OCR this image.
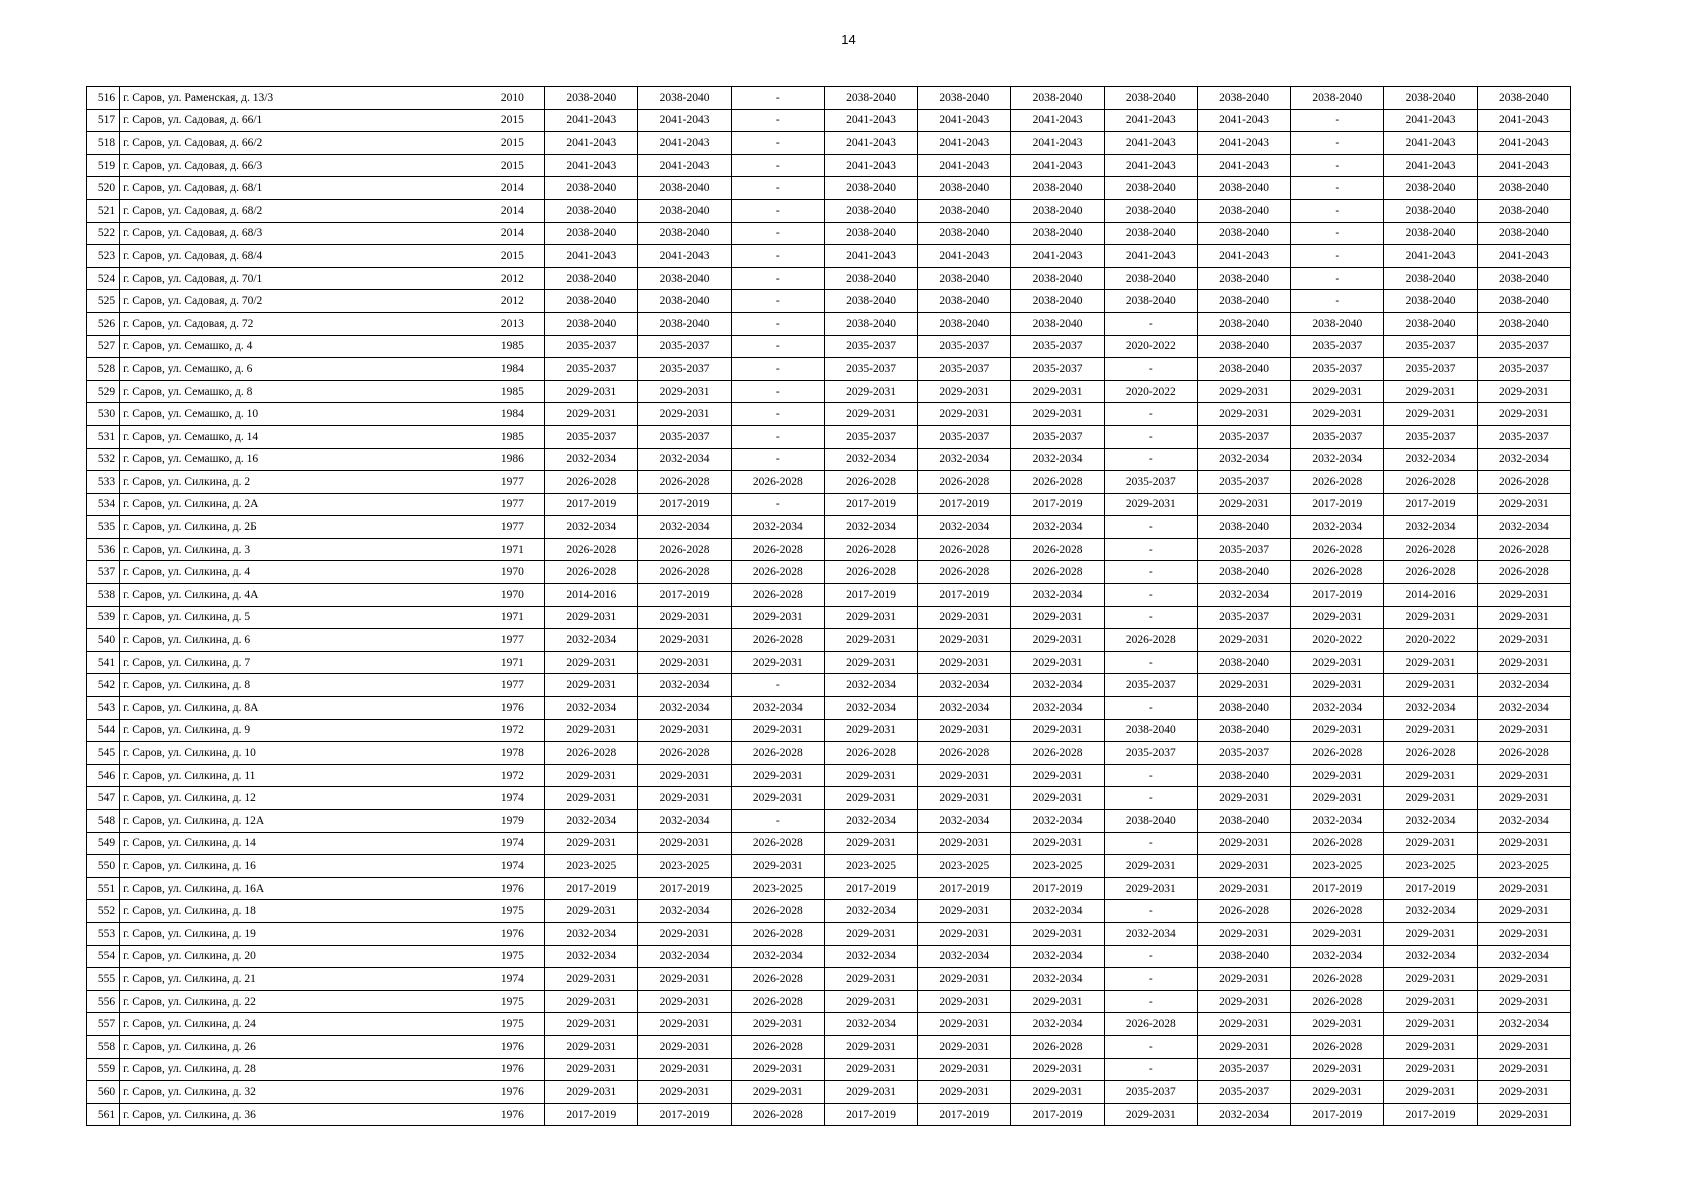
14
516	г. Саров, ул. Раменская, д. 13/3	2010	2038-2040	2038-2040	-	2038-2040	2038-2040	2038-2040	2038-2040	2038-2040	2038-2040	2038-2040	2038-2040
517	г. Саров, ул. Садовая, д. 66/1	2015	2041-2043	2041-2043	-	2041-2043	2041-2043	2041-2043	2041-2043	2041-2043	-	2041-2043	2041-2043
518	г. Саров, ул. Садовая, д. 66/2	2015	2041-2043	2041-2043	-	2041-2043	2041-2043	2041-2043	2041-2043	2041-2043	-	2041-2043	2041-2043
519	г. Саров, ул. Садовая, д. 66/3	2015	2041-2043	2041-2043	-	2041-2043	2041-2043	2041-2043	2041-2043	2041-2043	-	2041-2043	2041-2043
520	г. Саров, ул. Садовая, д. 68/1	2014	2038-2040	2038-2040	-	2038-2040	2038-2040	2038-2040	2038-2040	2038-2040	-	2038-2040	2038-2040
521	г. Саров, ул. Садовая, д. 68/2	2014	2038-2040	2038-2040	-	2038-2040	2038-2040	2038-2040	2038-2040	2038-2040	-	2038-2040	2038-2040
522	г. Саров, ул. Садовая, д. 68/3	2014	2038-2040	2038-2040	-	2038-2040	2038-2040	2038-2040	2038-2040	2038-2040	-	2038-2040	2038-2040
523	г. Саров, ул. Садовая, д. 68/4	2015	2041-2043	2041-2043	-	2041-2043	2041-2043	2041-2043	2041-2043	2041-2043	-	2041-2043	2041-2043
524	г. Саров, ул. Садовая, д. 70/1	2012	2038-2040	2038-2040	-	2038-2040	2038-2040	2038-2040	2038-2040	2038-2040	-	2038-2040	2038-2040
525	г. Саров, ул. Садовая, д. 70/2	2012	2038-2040	2038-2040	-	2038-2040	2038-2040	2038-2040	2038-2040	2038-2040	-	2038-2040	2038-2040
526	г. Саров, ул. Садовая, д. 72	2013	2038-2040	2038-2040	-	2038-2040	2038-2040	2038-2040	-	2038-2040	2038-2040	2038-2040	2038-2040
527	г. Саров, ул. Семашко, д. 4	1985	2035-2037	2035-2037	-	2035-2037	2035-2037	2035-2037	2020-2022	2038-2040	2035-2037	2035-2037	2035-2037
528	г. Саров, ул. Семашко, д. 6	1984	2035-2037	2035-2037	-	2035-2037	2035-2037	2035-2037	-	2038-2040	2035-2037	2035-2037	2035-2037
529	г. Саров, ул. Семашко, д. 8	1985	2029-2031	2029-2031	-	2029-2031	2029-2031	2029-2031	2020-2022	2029-2031	2029-2031	2029-2031	2029-2031
530	г. Саров, ул. Семашко, д. 10	1984	2029-2031	2029-2031	-	2029-2031	2029-2031	2029-2031	-	2029-2031	2029-2031	2029-2031	2029-2031
531	г. Саров, ул. Семашко, д. 14	1985	2035-2037	2035-2037	-	2035-2037	2035-2037	2035-2037	-	2035-2037	2035-2037	2035-2037	2035-2037
532	г. Саров, ул. Семашко, д. 16	1986	2032-2034	2032-2034	-	2032-2034	2032-2034	2032-2034	-	2032-2034	2032-2034	2032-2034	2032-2034
533	г. Саров, ул. Силкина, д. 2	1977	2026-2028	2026-2028	2026-2028	2026-2028	2026-2028	2026-2028	2035-2037	2035-2037	2026-2028	2026-2028	2026-2028
534	г. Саров, ул. Силкина, д. 2А	1977	2017-2019	2017-2019	-	2017-2019	2017-2019	2017-2019	2029-2031	2029-2031	2017-2019	2017-2019	2029-2031
535	г. Саров, ул. Силкина, д. 2Б	1977	2032-2034	2032-2034	2032-2034	2032-2034	2032-2034	2032-2034	-	2038-2040	2032-2034	2032-2034	2032-2034
536	г. Саров, ул. Силкина, д. 3	1971	2026-2028	2026-2028	2026-2028	2026-2028	2026-2028	2026-2028	-	2035-2037	2026-2028	2026-2028	2026-2028
537	г. Саров, ул. Силкина, д. 4	1970	2026-2028	2026-2028	2026-2028	2026-2028	2026-2028	2026-2028	-	2038-2040	2026-2028	2026-2028	2026-2028
538	г. Саров, ул. Силкина, д. 4А	1970	2014-2016	2017-2019	2026-2028	2017-2019	2017-2019	2032-2034	-	2032-2034	2017-2019	2014-2016	2029-2031
539	г. Саров, ул. Силкина, д. 5	1971	2029-2031	2029-2031	2029-2031	2029-2031	2029-2031	2029-2031	-	2035-2037	2029-2031	2029-2031	2029-2031
540	г. Саров, ул. Силкина, д. 6	1977	2032-2034	2029-2031	2026-2028	2029-2031	2029-2031	2029-2031	2026-2028	2029-2031	2020-2022	2020-2022	2029-2031
541	г. Саров, ул. Силкина, д. 7	1971	2029-2031	2029-2031	2029-2031	2029-2031	2029-2031	2029-2031	-	2038-2040	2029-2031	2029-2031	2029-2031
542	г. Саров, ул. Силкина, д. 8	1977	2029-2031	2032-2034	-	2032-2034	2032-2034	2032-2034	2035-2037	2029-2031	2029-2031	2029-2031	2032-2034
543	г. Саров, ул. Силкина, д. 8А	1976	2032-2034	2032-2034	2032-2034	2032-2034	2032-2034	2032-2034	-	2038-2040	2032-2034	2032-2034	2032-2034
544	г. Саров, ул. Силкина, д. 9	1972	2029-2031	2029-2031	2029-2031	2029-2031	2029-2031	2029-2031	2038-2040	2038-2040	2029-2031	2029-2031	2029-2031
545	г. Саров, ул. Силкина, д. 10	1978	2026-2028	2026-2028	2026-2028	2026-2028	2026-2028	2026-2028	2035-2037	2035-2037	2026-2028	2026-2028	2026-2028
546	г. Саров, ул. Силкина, д. 11	1972	2029-2031	2029-2031	2029-2031	2029-2031	2029-2031	2029-2031	-	2038-2040	2029-2031	2029-2031	2029-2031
547	г. Саров, ул. Силкина, д. 12	1974	2029-2031	2029-2031	2029-2031	2029-2031	2029-2031	2029-2031	-	2029-2031	2029-2031	2029-2031	2029-2031
548	г. Саров, ул. Силкина, д. 12А	1979	2032-2034	2032-2034	-	2032-2034	2032-2034	2032-2034	2038-2040	2038-2040	2032-2034	2032-2034	2032-2034
549	г. Саров, ул. Силкина, д. 14	1974	2029-2031	2029-2031	2026-2028	2029-2031	2029-2031	2029-2031	-	2029-2031	2026-2028	2029-2031	2029-2031
550	г. Саров, ул. Силкина, д. 16	1974	2023-2025	2023-2025	2029-2031	2023-2025	2023-2025	2023-2025	2029-2031	2029-2031	2023-2025	2023-2025	2023-2025
551	г. Саров, ул. Силкина, д. 16А	1976	2017-2019	2017-2019	2023-2025	2017-2019	2017-2019	2017-2019	2029-2031	2029-2031	2017-2019	2017-2019	2029-2031
552	г. Саров, ул. Силкина, д. 18	1975	2029-2031	2032-2034	2026-2028	2032-2034	2029-2031	2032-2034	-	2026-2028	2026-2028	2032-2034	2029-2031
553	г. Саров, ул. Силкина, д. 19	1976	2032-2034	2029-2031	2026-2028	2029-2031	2029-2031	2029-2031	2032-2034	2029-2031	2029-2031	2029-2031	2029-2031
554	г. Саров, ул. Силкина, д. 20	1975	2032-2034	2032-2034	2032-2034	2032-2034	2032-2034	2032-2034	-	2038-2040	2032-2034	2032-2034	2032-2034
555	г. Саров, ул. Силкина, д. 21	1974	2029-2031	2029-2031	2026-2028	2029-2031	2029-2031	2032-2034	-	2029-2031	2026-2028	2029-2031	2029-2031
556	г. Саров, ул. Силкина, д. 22	1975	2029-2031	2029-2031	2026-2028	2029-2031	2029-2031	2029-2031	-	2029-2031	2026-2028	2029-2031	2029-2031
557	г. Саров, ул. Силкина, д. 24	1975	2029-2031	2029-2031	2029-2031	2032-2034	2029-2031	2032-2034	2026-2028	2029-2031	2029-2031	2029-2031	2032-2034
558	г. Саров, ул. Силкина, д. 26	1976	2029-2031	2029-2031	2026-2028	2029-2031	2029-2031	2026-2028	-	2029-2031	2026-2028	2029-2031	2029-2031
559	г. Саров, ул. Силкина, д. 28	1976	2029-2031	2029-2031	2029-2031	2029-2031	2029-2031	2029-2031	-	2035-2037	2029-2031	2029-2031	2029-2031
560	г. Саров, ул. Силкина, д. 32	1976	2029-2031	2029-2031	2029-2031	2029-2031	2029-2031	2029-2031	2035-2037	2035-2037	2029-2031	2029-2031	2029-2031
561	г. Саров, ул. Силкина, д. 36	1976	2017-2019	2017-2019	2026-2028	2017-2019	2017-2019	2017-2019	2029-2031	2032-2034	2017-2019	2017-2019	2029-2031
